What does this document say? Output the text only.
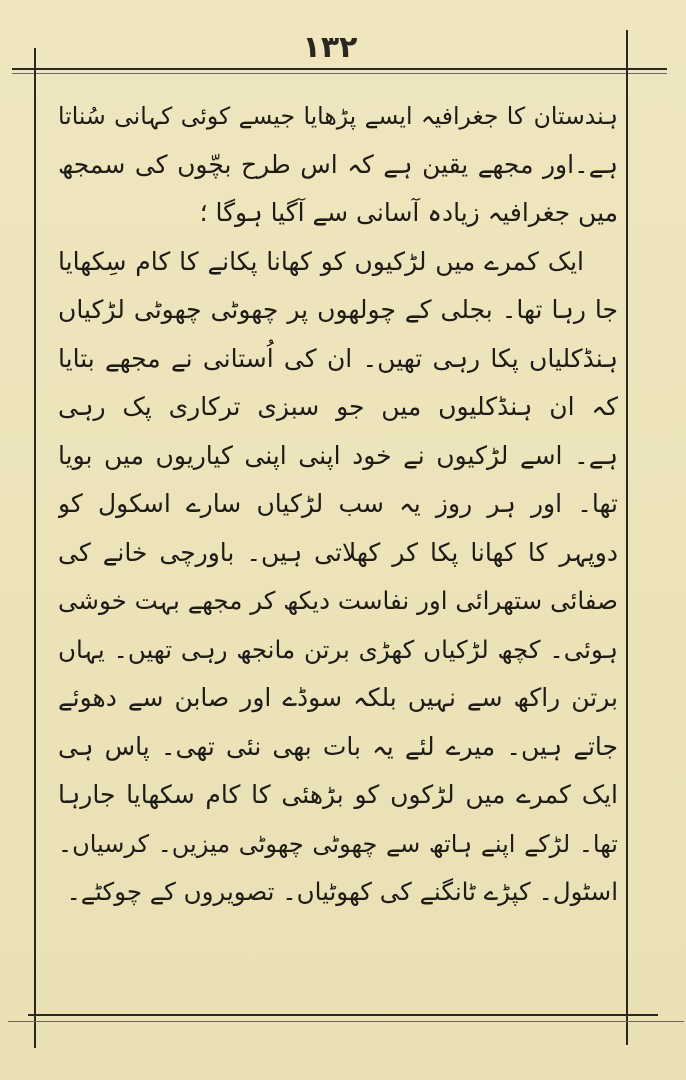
۱۳۲
ہندستان کا جغرافیہ ایسے پڑھایا جیسے کوئی کہانی سُناتا
ہے۔اور مجھے یقین ہے کہ اس طرح بچّوں کی سمجھ
میں جغرافیہ زیادہ آسانی سے آگیا ہوگا ؛
ایک کمرے میں لڑکیوں کو کھانا پکانے کا کام سِکھایا
جا رہا تھا۔ بجلی کے چولھوں پر چھوٹی چھوٹی لڑکیاں
ہنڈکلیاں پکا رہی تھیں۔ ان کی اُستانی نے مجھے بتایا
کہ ان ہنڈکلیوں میں جو سبزی ترکاری پک رہی
ہے۔ اسے لڑکیوں نے خود اپنی اپنی کیاریوں میں بویا
تھا۔ اور ہر روز یہ سب لڑکیاں سارے اسکول کو
دوپہر کا کھانا پکا کر کھلاتی ہیں۔ باورچی خانے کی
صفائی ستھرائی اور نفاست دیکھ کر مجھے بہت خوشی
ہوئی۔ کچھ لڑکیاں کھڑی برتن مانجھ رہی تھیں۔ یہاں
برتن راکھ سے نہیں بلکہ سوڈے اور صابن سے دھوئے
جاتے ہیں۔ میرے لئے یہ بات بھی نئی تھی۔ پاس ہی
ایک کمرے میں لڑکوں کو بڑھئی کا کام سکھایا جارہا
تھا۔ لڑکے اپنے ہاتھ سے چھوٹی چھوٹی میزیں۔ کرسیاں۔
اسٹول۔ کپڑے ٹانگنے کی کھوٹیاں۔ تصویروں کے چوکٹے۔
